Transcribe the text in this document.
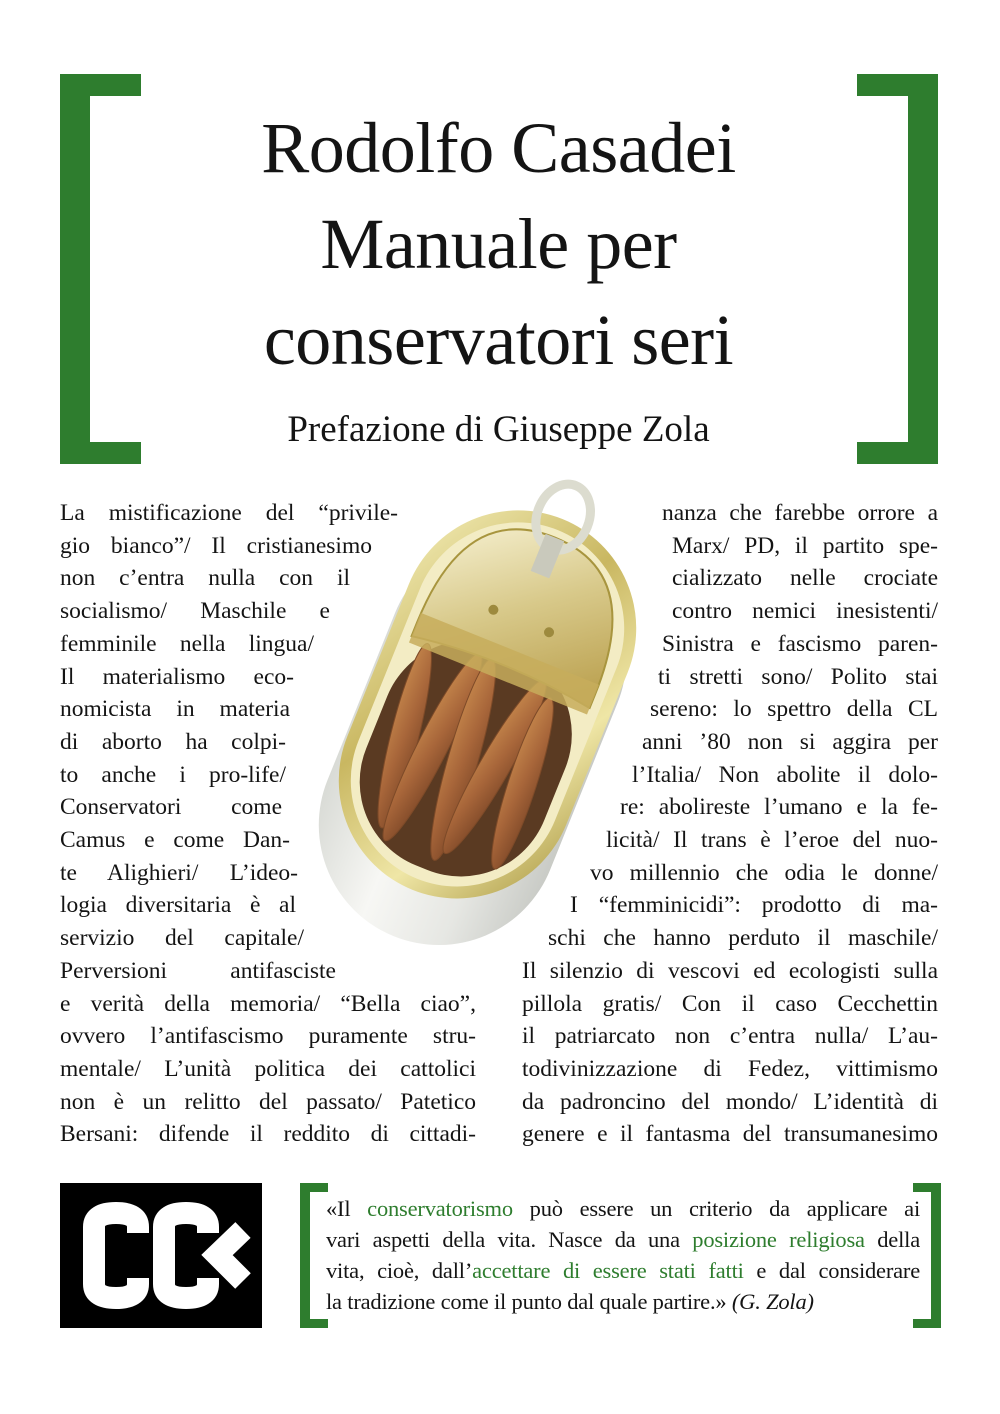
Rodolfo Casadei
Manuale per
conservatori seri
Prefazione di Giuseppe Zola
La mistificazione del “privile-
gio bianco”/ Il cristianesimo
non c’entra nulla con il
socialismo/ Maschile e
femminile nella lingua/
Il materialismo eco-
nomicista in materia
di aborto ha colpi-
to anche i pro-life/
Conservatori come
Camus e come Dan-
te Alighieri/ L’ideo-
logia diversitaria è al
servizio del capitale/
Perversioni antifasciste
e verità della memoria/ “Bella ciao”,
ovvero l’antifascismo puramente stru-
mentale/ L’unità politica dei cattolici
non è un relitto del passato/ Patetico
Bersani: difende il reddito di cittadi-
nanza che farebbe orrore a
Marx/ PD, il partito spe-
cializzato nelle crociate
contro nemici inesistenti/
Sinistra e fascismo paren-
ti stretti sono/ Polito stai
sereno: lo spettro della CL
anni ’80 non si aggira per
l’Italia/ Non abolite il dolo-
re: abolireste l’umano e la fe-
licità/ Il trans è l’eroe del nuo-
vo millennio che odia le donne/
I “femminicidi”: prodotto di ma-
schi che hanno perduto il maschile/
Il silenzio di vescovi ed ecologisti sulla
pillola gratis/ Con il caso Cecchettin
il patriarcato non c’entra nulla/ L’au-
todivinizzazione di Fedez, vittimismo
da padroncino del mondo/ L’identità di
genere e il fantasma del transumanesimo
«Il conservatorismo può essere un criterio da applicare ai
vari aspetti della vita. Nasce da una posizione religiosa della
vita, cioè, dall’accettare di essere stati fatti e dal considerare
la tradizione come il punto dal quale partire.» (G. Zola)
